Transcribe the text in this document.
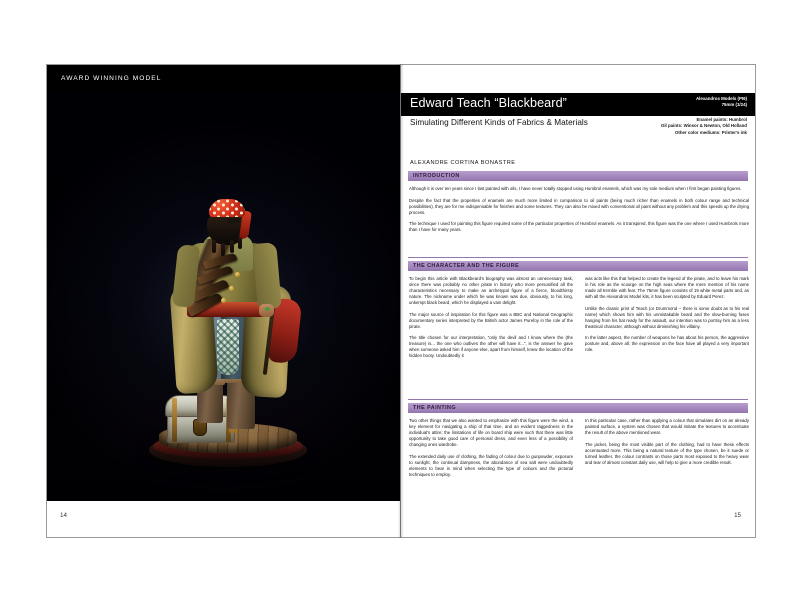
AWARD WINNING MODEL
14
Edward Teach “Blackbeard”	Alexandros Models (PI6)
75mm (1/24)
Simulating Different Kinds of Fabrics & Materials	Enamel paints: Humbrol
Oil paints: Winsor & Newton, Old Holland
Other color mediums: Printer's ink
ALEXANDRE CORTINA BONASTRE
INTRODUCTION

Although it is over ten years since I last painted with oils, I have never totally stopped using Humbrol enamels, which was my sole medium when I first began painting figures.

Despite the fact that the properties of enamels are much more limited in comparison to oil paints (being much richer than enamels in both colour range and technical possibilities), they are for me indispensable for finishes and some textures. They can also be mixed with conventional oil paint without any problem and this speeds up the drying process.

The technique I used for painting this figure required some of the particular properties of Humbrol enamels. As it transpired, this figure was the one where I used Humbrols more than I have for many years.

THE CHARACTER AND THE FIGURE

To begin this article with Blackbeard's biography was almost an unnecessary task, since there was probably no other pirate in history who more personified all the characteristics necessary to make an archetypal figure of a fierce, bloodthirsty nature. The nickname under which he was known was due, obviously, to his long, unkempt black beard, which he displayed a vain delight.

The major source of inspiration for this figure was a BBC and National Geographic documentary series interpreted by the British actor James Purefoy in the role of the pirate.

The title chosen for our interpretation, “only the devil and I know where the (the treasure) is... the one who outlives the other will have it...”, is the answer he gave when someone asked him if anyone else, apart from himself, knew the location of the hidden booty. Undoubtedly it

was acts like this that helped to create the legend of the pirate, and to leave his mark in his role as the scourge on the high seas where the mere mention of his name made all tremble with fear. The 75mm figure consists of 19 white metal parts and, as with all the Alexandros Model kits, it has been sculpted by Eduard Perez.

Unlike the classic print of Teach (or Drummond – there is some doubt as to his real name) which shows him with his unmistakable beard and the slow-burning fuses hanging from his hat ready for the assault, our intention was to portray him as a less theatrical character, although without diminishing his villainy.

In the latter aspect, the number of weapons he has about his person, the aggressive posture and, above all, the expression on the face have all played a very important role.

THE PAINTING

Two other things that we also wanted to emphasize with this figure were the wind, a key element for navigating a ship of that time, and an evident raggedness in the individual's attire; the limitations of life on board ship were such that there was little opportunity to take good care of personal dress, and even less of a possibility of changing ones wardrobe.

The extended daily use of clothing, the fading of colour due to gunpowder, exposure to sunlight, the continual dampness, the abundance of sea salt were undoubtedly elements to bear in mind when selecting the type of colours and the pictorial techniques to employ.

In this particular case, rather than applying a colour that simulates dirt on an already painted surface, a system was chosen that would imitate the textures to accentuate the result of the above mentioned wear.

The jacket, being the most visible part of the clothing, had to have these effects accentuated more. This being a natural texture of the type chosen, be it suede or turned leather, the colour contrasts on those parts most exposed to the heavy wear and tear of almost constant daily use, will help to give a more credible result.

15
